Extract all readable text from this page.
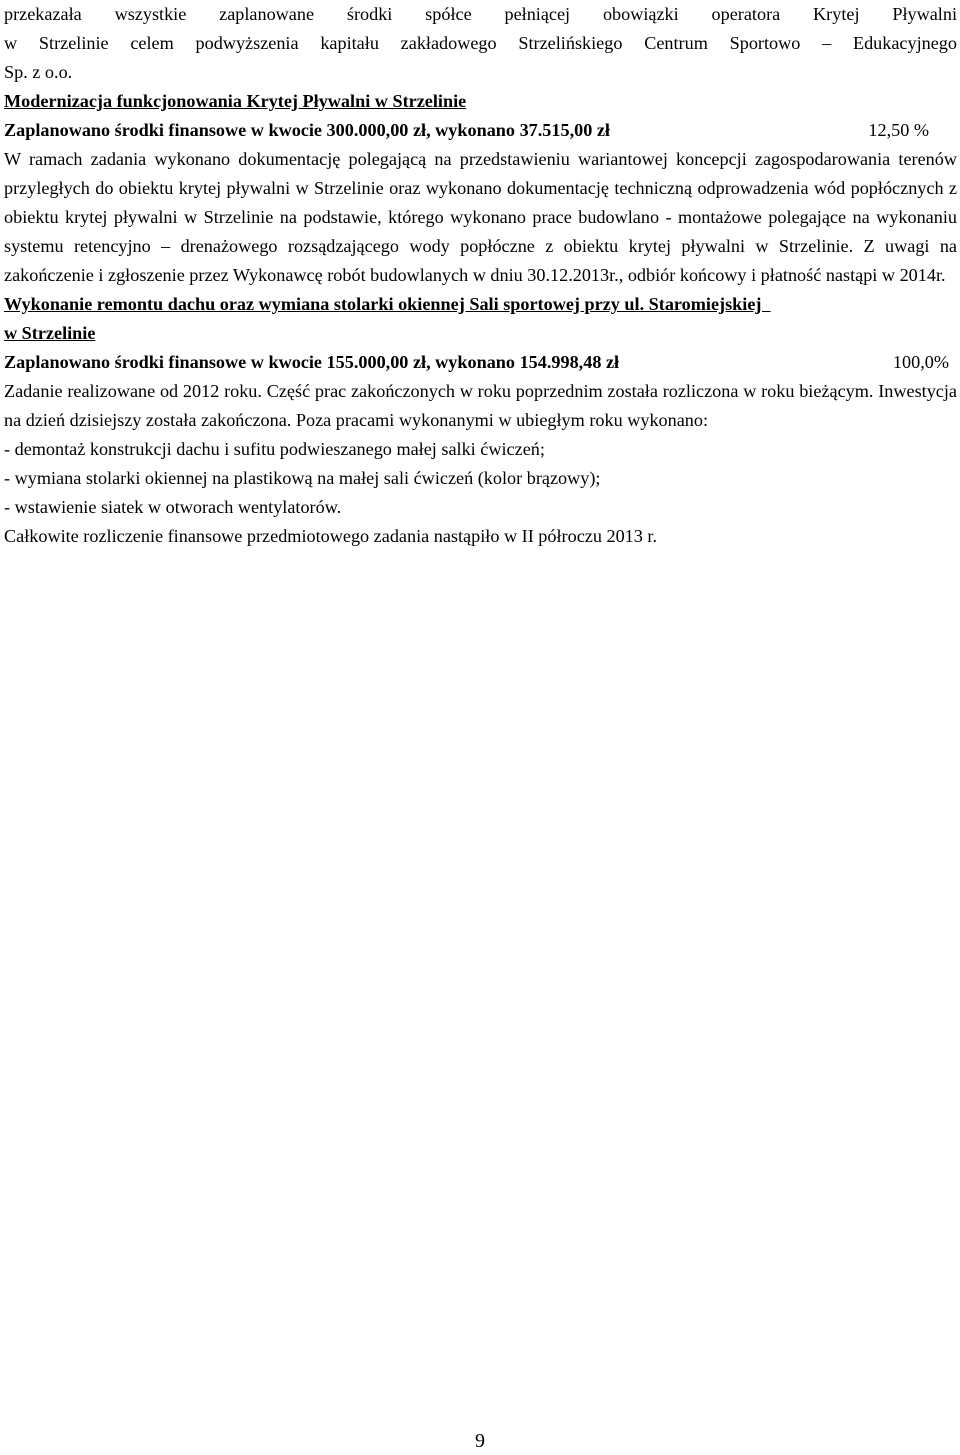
przekazała wszystkie zaplanowane środki spółce pełniącej obowiązki operatora Krytej Pływalni

w Strzelinie celem podwyższenia kapitału zakładowego Strzelińskiego Centrum Sportowo – Edukacyjnego

Sp. z o.o.

Modernizacja funkcjonowania Krytej Pływalni w Strzelinie

Zaplanowano środki finansowe w kwocie 300.000,00 zł, wykonano 37.515,00 zł	12,50 %

W ramach zadania wykonano dokumentację polegającą na przedstawieniu wariantowej koncepcji zagospodarowania terenów przyległych do obiektu krytej pływalni w Strzelinie oraz wykonano dokumentację techniczną odprowadzenia wód popłócznych z obiektu krytej pływalni w Strzelinie na podstawie, którego wykonano prace budowlano - montażowe polegające na wykonaniu systemu retencyjno – drenażowego rozsądzającego wody popłóczne z obiektu krytej pływalni w Strzelinie. Z uwagi na zakończenie i zgłoszenie przez Wykonawcę robót budowlanych w dniu 30.12.2013r., odbiór końcowy i płatność nastąpi w 2014r.

Wykonanie remontu dachu oraz wymiana stolarki okiennej Sali sportowej przy ul. Staromiejskiej

w Strzelinie

Zaplanowano środki finansowe w kwocie 155.000,00 zł, wykonano 154.998,48 zł	100,0%

Zadanie realizowane od 2012 roku. Część prac zakończonych w roku poprzednim została rozliczona w roku bieżącym. Inwestycja na dzień dzisiejszy została zakończona. Poza pracami wykonanymi w ubiegłym roku wykonano:

- demontaż konstrukcji dachu i sufitu podwieszanego małej salki ćwiczeń;

- wymiana stolarki okiennej na plastikową na małej sali ćwiczeń (kolor brązowy);

- wstawienie siatek w otworach wentylatorów.

Całkowite rozliczenie finansowe przedmiotowego zadania nastąpiło w II półroczu 2013 r.

9
